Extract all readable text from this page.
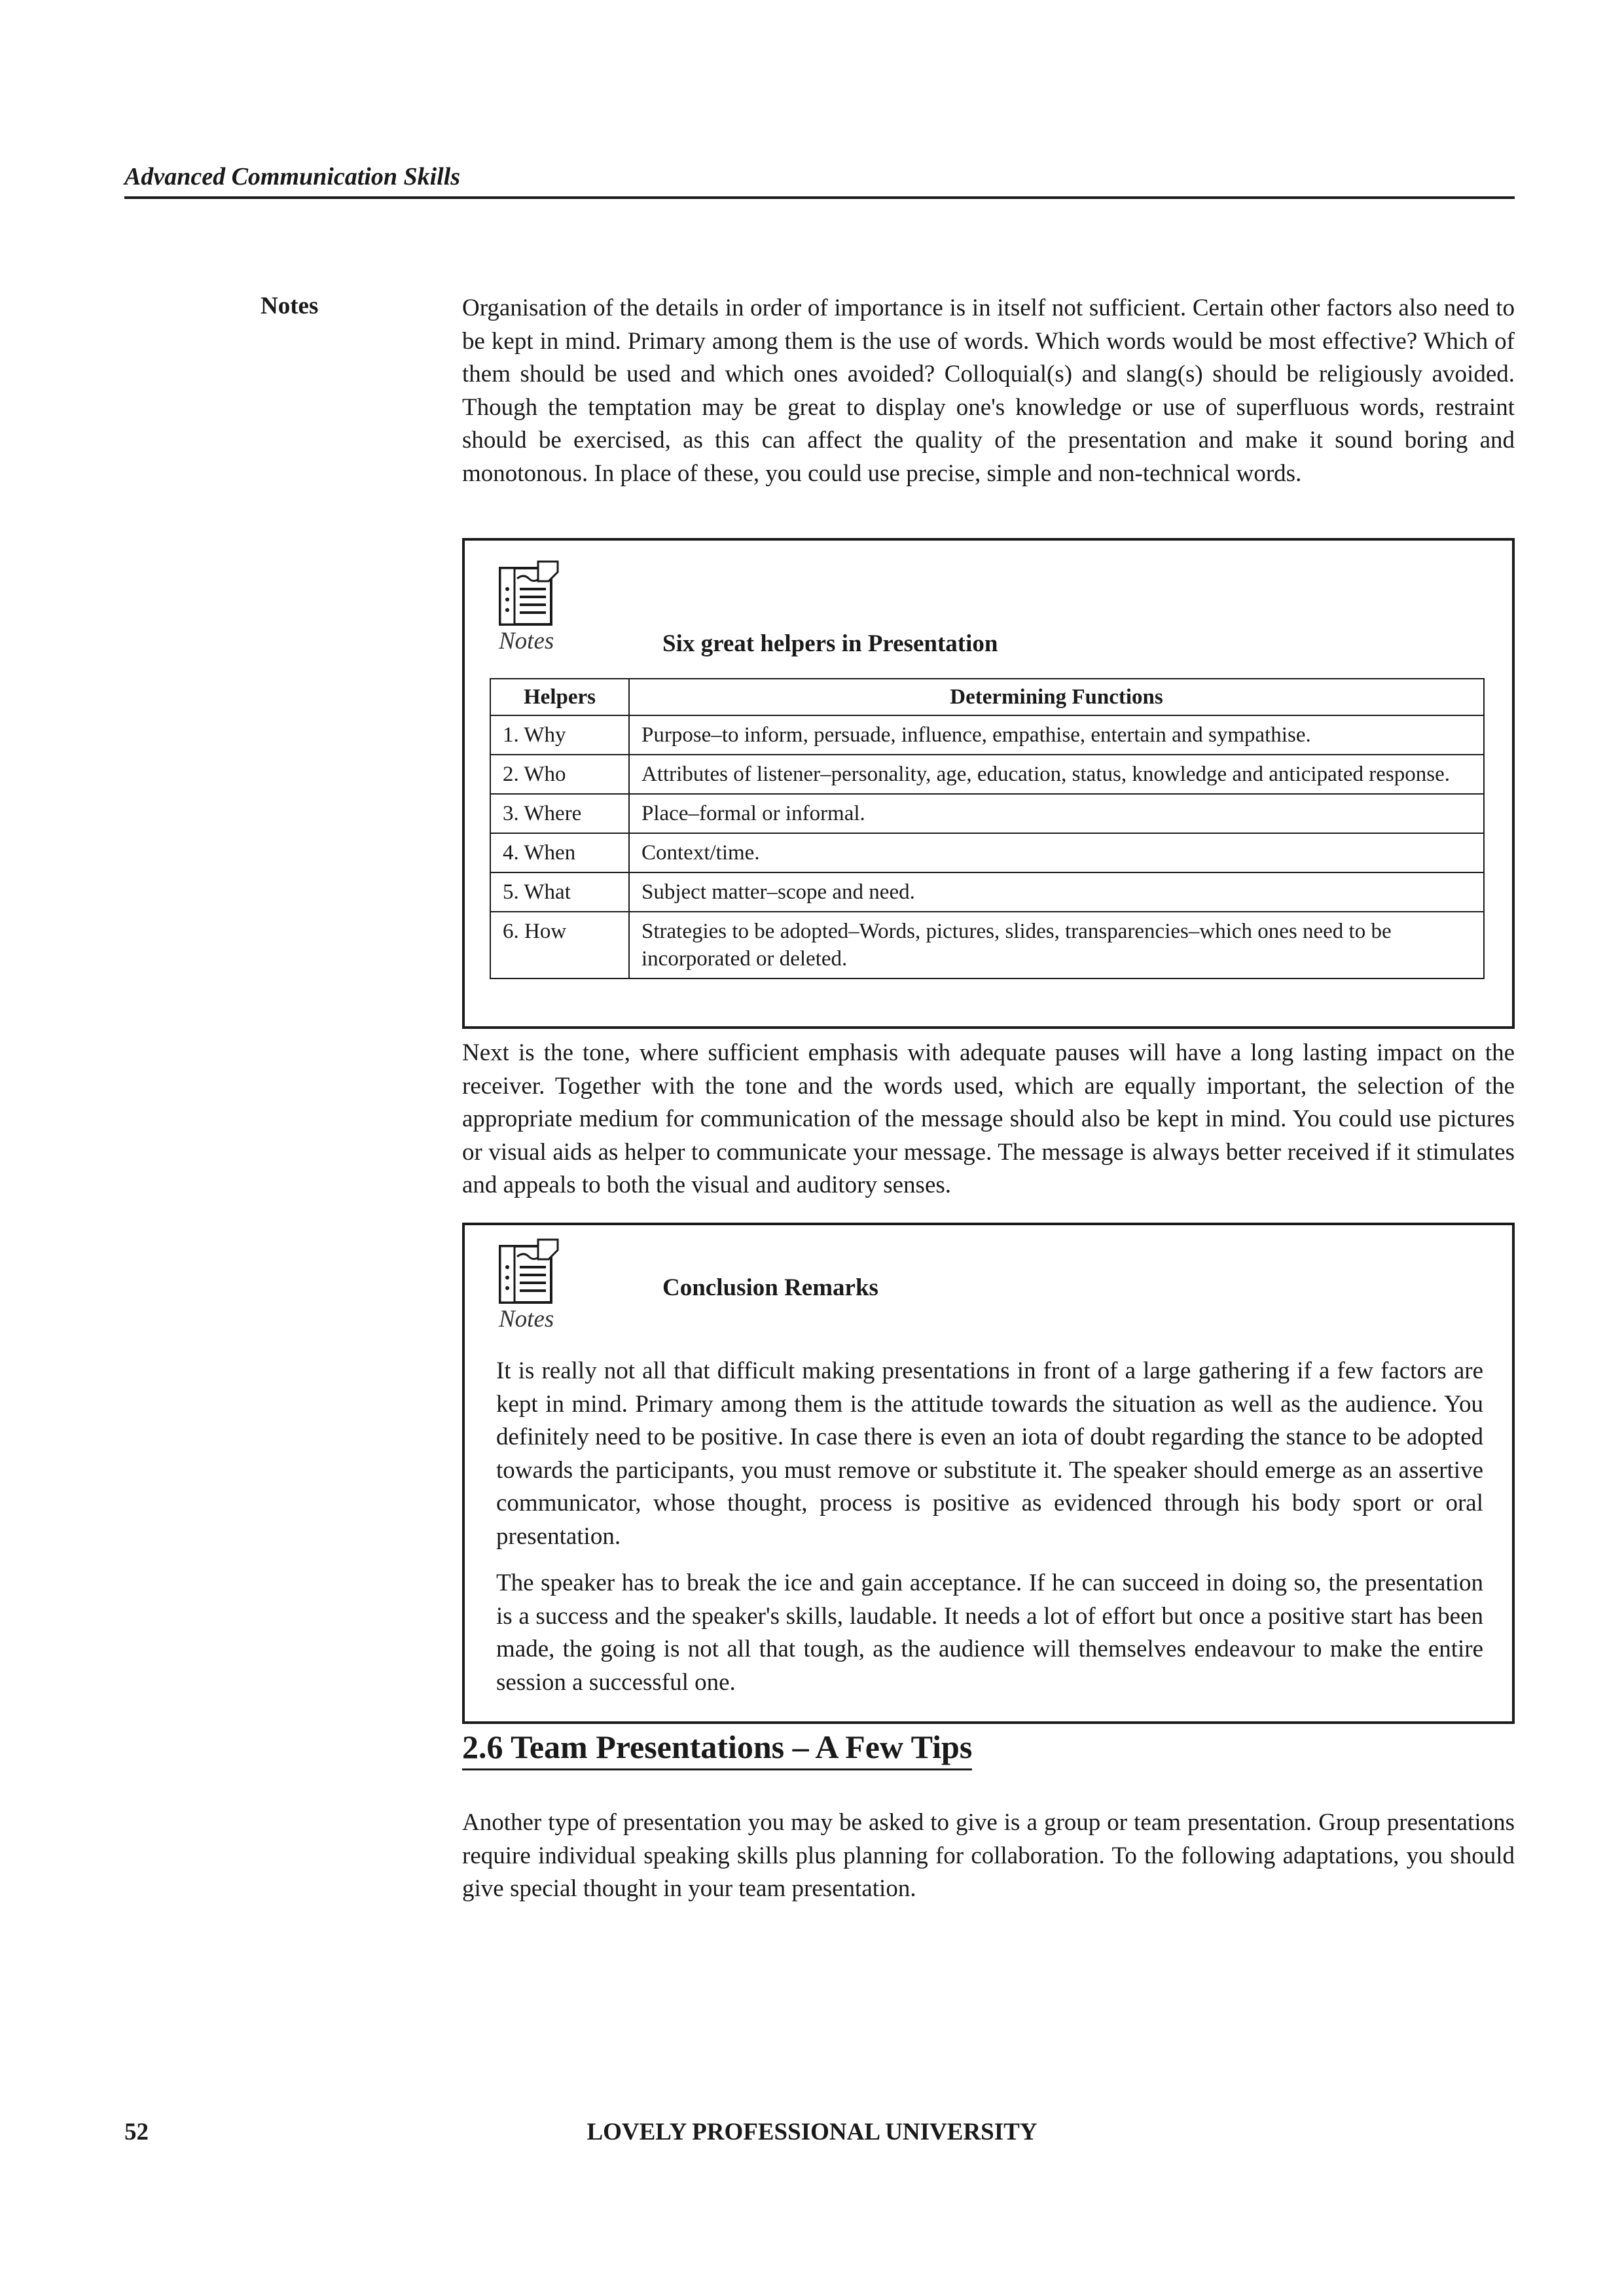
Advanced Communication Skills
Notes	Organisation of the details in order of importance is in itself not sufficient. Certain other factors also need to be kept in mind. Primary among them is the use of words. Which words would be most effective? Which of them should be used and which ones avoided? Colloquial(s) and slang(s) should be religiously avoided. Though the temptation may be great to display one's knowledge or use of superfluous words, restraint should be exercised, as this can affect the quality of the presentation and make it sound boring and monotonous. In place of these, you could use precise, simple and non-technical words.

Notes	Six great helpers in Presentation
Helpers	Determining Functions
1. Why	Purpose–to inform, persuade, influence, empathise, entertain and sympathise.
2. Who	Attributes of listener–personality, age, education, status, knowledge and anticipated response.
3. Where	Place–formal or informal.
4. When	Context/time.
5. What	Subject matter–scope and need.
6. How	Strategies to be adopted–Words, pictures, slides, transparencies–which ones need to be incorporated or deleted.

Next is the tone, where sufficient emphasis with adequate pauses will have a long lasting impact on the receiver. Together with the tone and the words used, which are equally important, the selection of the appropriate medium for communication of the message should also be kept in mind. You could use pictures or visual aids as helper to communicate your message. The message is always better received if it stimulates and appeals to both the visual and auditory senses.

Notes
Conclusion Remarks

It is really not all that difficult making presentations in front of a large gathering if a few factors are kept in mind. Primary among them is the attitude towards the situation as well as the audience. You definitely need to be positive. In case there is even an iota of doubt regarding the stance to be adopted towards the participants, you must remove or substitute it. The speaker should emerge as an assertive communicator, whose thought, process is positive as evidenced through his body sport or oral presentation.

The speaker has to break the ice and gain acceptance. If he can succeed in doing so, the presentation is a success and the speaker's skills, laudable. It needs a lot of effort but once a positive start has been made, the going is not all that tough, as the audience will themselves endeavour to make the entire session a successful one.

2.6 Team Presentations – A Few Tips

Another type of presentation you may be asked to give is a group or team presentation. Group presentations require individual speaking skills plus planning for collaboration. To the following adaptations, you should give special thought in your team presentation.

52	LOVELY PROFESSIONAL UNIVERSITY
